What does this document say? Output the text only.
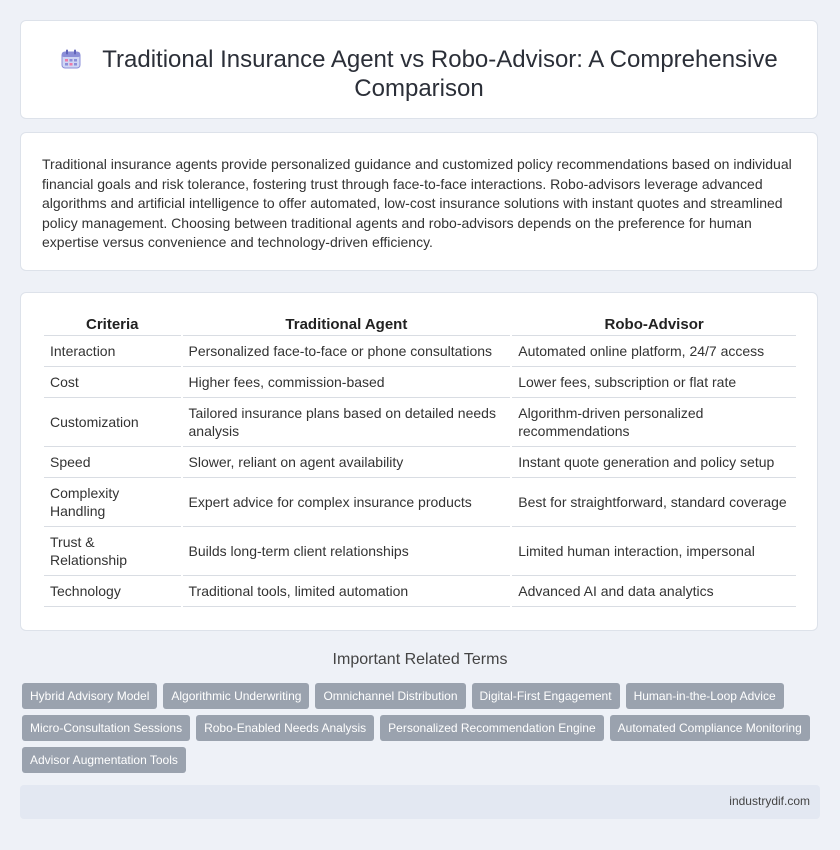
Traditional Insurance Agent vs Robo-Advisor: A Comprehensive Comparison
Traditional insurance agents provide personalized guidance and customized policy recommendations based on individual financial goals and risk tolerance, fostering trust through face-to-face interactions. Robo-advisors leverage advanced algorithms and artificial intelligence to offer automated, low-cost insurance solutions with instant quotes and streamlined policy management. Choosing between traditional agents and robo-advisors depends on the preference for human expertise versus convenience and technology-driven efficiency.
Criteria	Traditional Agent	Robo-Advisor
Interaction	Personalized face-to-face or phone consultations	Automated online platform, 24/7 access
Cost	Higher fees, commission-based	Lower fees, subscription or flat rate
Customization	Tailored insurance plans based on detailed needs analysis	Algorithm-driven personalized recommendations
Speed	Slower, reliant on agent availability	Instant quote generation and policy setup
Complexity Handling	Expert advice for complex insurance products	Best for straightforward, standard coverage
Trust & Relationship	Builds long-term client relationships	Limited human interaction, impersonal
Technology	Traditional tools, limited automation	Advanced AI and data analytics
Important Related Terms
Hybrid Advisory Model	Algorithmic Underwriting	Omnichannel Distribution	Digital-First Engagement	Human-in-the-Loop Advice
Micro-Consultation Sessions	Robo-Enabled Needs Analysis	Personalized Recommendation Engine	Automated Compliance Monitoring
Advisor Augmentation Tools
industrydif.com
